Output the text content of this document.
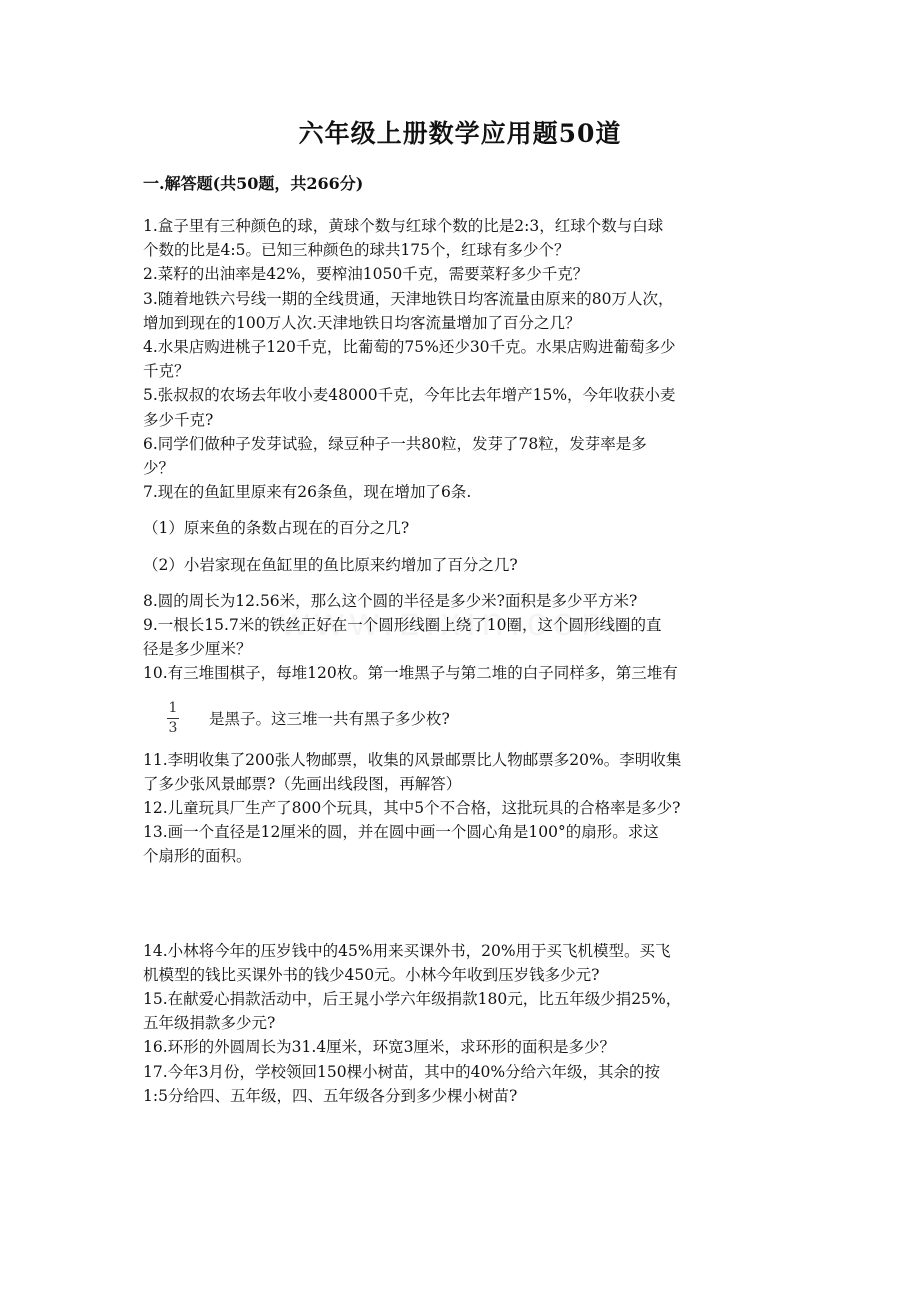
六年级上册数学应用题50道
一.解答题(共50题，共266分)

1.盒子里有三种颜色的球，黄球个数与红球个数的比是2:3，红球个数与白球

个数的比是4:5。已知三种颜色的球共175个，红球有多少个？

2.菜籽的出油率是42%，要榨油1050千克，需要菜籽多少千克？

3.随着地铁六号线一期的全线贯通，天津地铁日均客流量由原来的80万人次，

增加到现在的100万人次.天津地铁日均客流量增加了百分之几？

4.水果店购进桃子120千克，比葡萄的75%还少30千克。水果店购进葡萄多少

千克？

5.张叔叔的农场去年收小麦48000千克，今年比去年增产15%，今年收获小麦

多少千克?

6.同学们做种子发芽试验，绿豆种子一共80粒，发芽了78粒，发芽率是多

少？

7.现在的鱼缸里原来有26条鱼，现在增加了6条.

（1）原来鱼的条数占现在的百分之几?

（2）小岩家现在鱼缸里的鱼比原来约增加了百分之几?

8.圆的周长为12.56米，那么这个圆的半径是多少米?面积是多少平方米?

9.一根长15.7米的铁丝正好在一个圆形线圈上绕了10圈，这个圆形线圈的直

径是多少厘米？

10.有三堆围棋子，每堆120枚。第一堆黑子与第二堆的白子同样多，第三堆有

$\frac{1}{3}$ 是黑子。这三堆一共有黑子多少枚?

11.李明收集了200张人物邮票，收集的风景邮票比人物邮票多20%。李明收集

了多少张风景邮票?（先画出线段图，再解答）

12.儿童玩具厂生产了800个玩具，其中5个不合格，这批玩具的合格率是多少?

13.画一个直径是12厘米的圆，并在圆中画一个圆心角是100°的扇形。求这

个扇形的面积。

14.小林将今年的压岁钱中的45%用来买课外书，20%用于买飞机模型。买飞

机模型的钱比买课外书的钱少450元。小林今年收到压岁钱多少元?

15.在献爱心捐款活动中，后王晁小学六年级捐款180元，比五年级少捐25%，

五年级捐款多少元?

16.环形的外圆周长为31.4厘米，环宽3厘米，求环形的面积是多少？

17.今年3月份，学校领回150棵小树苗，其中的40%分给六年级，其余的按

1:5分给四、五年级，四、五年级各分到多少棵小树苗?
